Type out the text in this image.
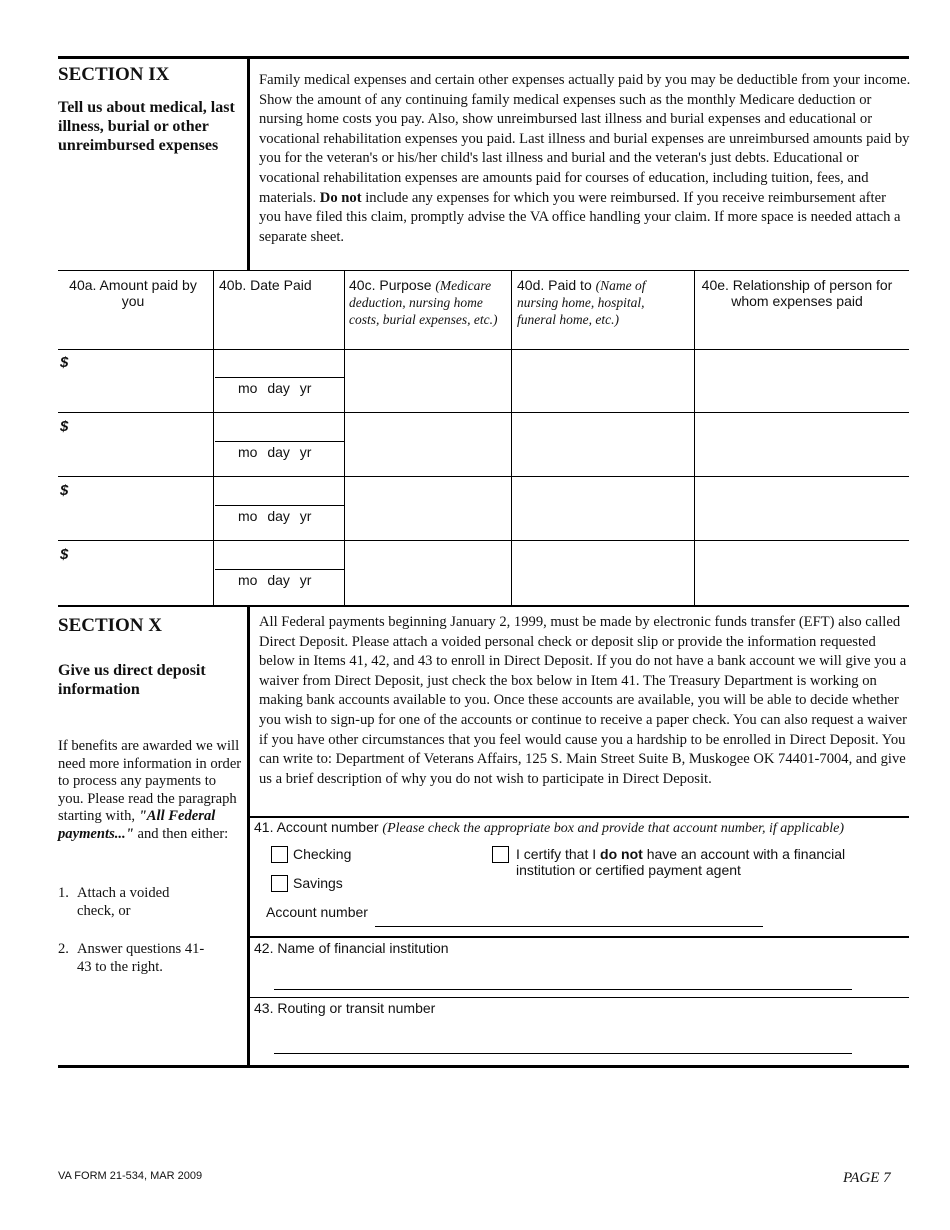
SECTION IX
Tell us about medical, last illness, burial or other unreimbursed expenses
Family medical expenses and certain other expenses actually paid by you may be deductible from your income. Show the amount of any continuing family medical expenses such as the monthly Medicare deduction or nursing home costs you pay. Also, show unreimbursed last illness and burial expenses and educational or vocational rehabilitation expenses you paid. Last illness and burial expenses are unreimbursed amounts paid by you for the veteran's or his/her child's last illness and burial and the veteran's just debts. Educational or vocational rehabilitation expenses are amounts paid for courses of education, including tuition, fees, and materials. Do not include any expenses for which you were reimbursed. If you receive reimbursement after you have filed this claim, promptly advise the VA office handling your claim. If more space is needed attach a separate sheet.
40a. Amount paid by you
40b. Date Paid	40c. Purpose (Medicare deduction, nursing home costs, burial expenses, etc.)
40d. Paid to (Name of nursing home, hospital, funeral home, etc.)
40e. Relationship of person for whom expenses paid
$
mo day yr
$
mo day yr
$
mo day yr
$
mo day yr
SECTION X
Give us direct deposit information
If benefits are awarded we will need more information in order to process any payments to you. Please read the paragraph starting with, "All Federal payments..." and then either:
1. Attach a voided check, or
2. Answer questions 41-43 to the right.
All Federal payments beginning January 2, 1999, must be made by electronic funds transfer (EFT) also called Direct Deposit. Please attach a voided personal check or deposit slip or provide the information requested below in Items 41, 42, and 43 to enroll in Direct Deposit. If you do not have a bank account we will give you a waiver from Direct Deposit, just check the box below in Item 41. The Treasury Department is working on making bank accounts available to you. Once these accounts are available, you will be able to decide whether you wish to sign-up for one of the accounts or continue to receive a paper check. You can also request a waiver if you have other circumstances that you feel would cause you a hardship to be enrolled in Direct Deposit. You can write to: Department of Veterans Affairs, 125 S. Main Street Suite B, Muskogee OK 74401-7004, and give us a brief description of why you do not wish to participate in Direct Deposit.
41. Account number (Please check the appropriate box and provide that account number, if applicable)
Checking
Savings
I certify that I do not have an account with a financial institution or certified payment agent
Account number
42. Name of financial institution
43. Routing or transit number
VA FORM 21-534, MAR 2009	PAGE 7
